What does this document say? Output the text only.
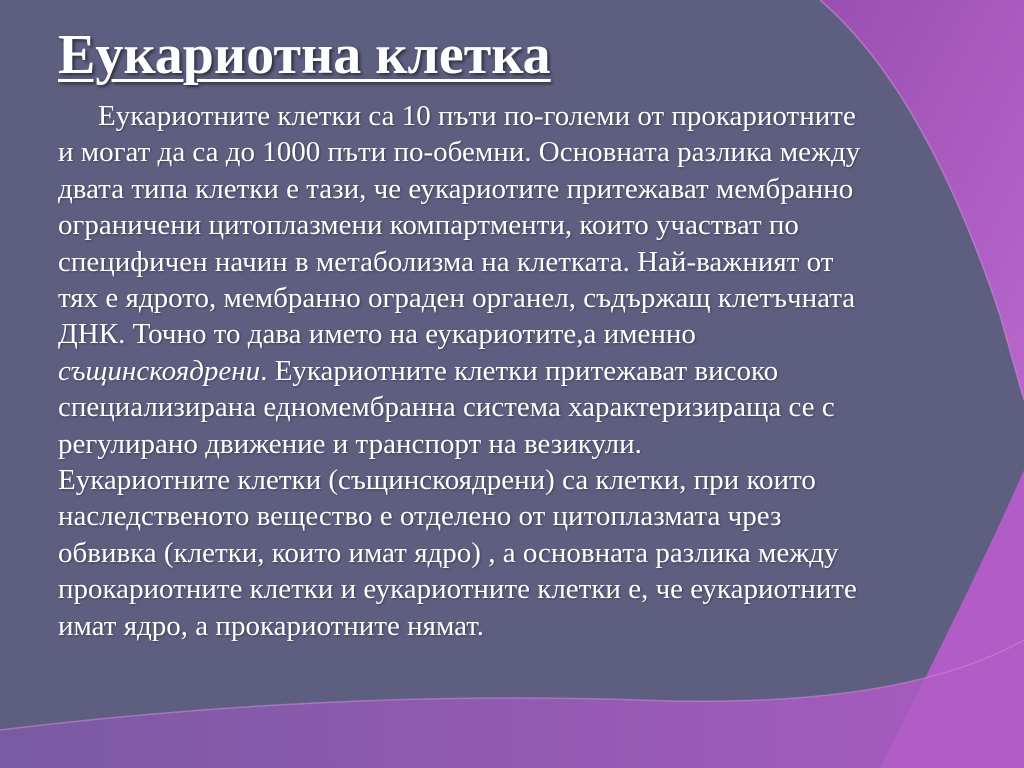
Еукариотна клетка
Еукариотните клетки са 10 пъти по-големи от прокариотните
и могат да са до 1000 пъти по-обемни. Основната разлика между
двата типа клетки е тази, че еукариотите притежават мембранно
ограничени цитоплазмени компартменти, които участват по
специфичен начин в метаболизма на клетката. Най-важният от
тях е ядрото, мембранно ограден органел, съдържащ клетъчната
ДНК. Точно то дава името на еукариотите,а именно
същинскоядрени. Еукариотните клетки притежават високо
специализирана едномембранна система характеризираща се с
регулирано движение и транспорт на везикули.
Еукариотните клетки (същинскоядрени) са клетки, при които
наследственото вещество е отделено от цитоплазмата чрез
обвивка (клетки, които имат ядро) , а основната разлика между
прокариотните клетки и еукариотните клетки е, че еукариотните
имат ядро, а прокариотните нямат.
